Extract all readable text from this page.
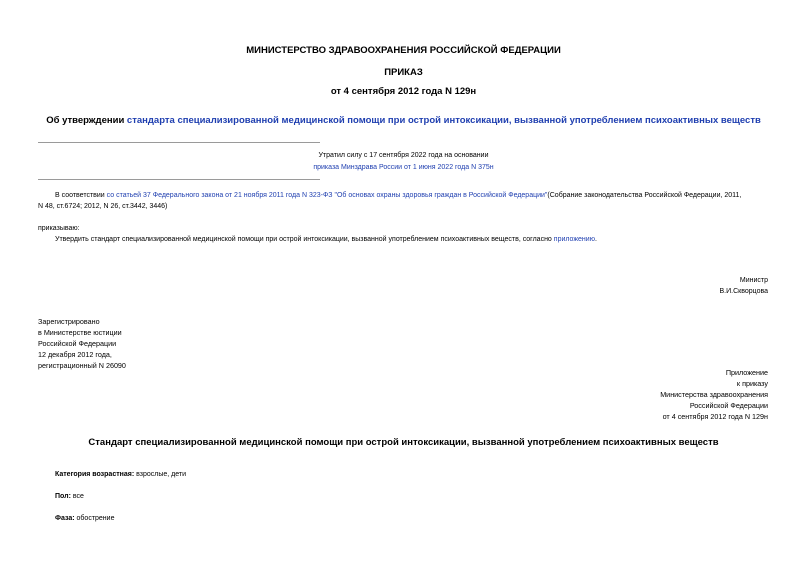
МИНИСТЕРСТВО ЗДРАВООХРАНЕНИЯ РОССИЙСКОЙ ФЕДЕРАЦИИ
ПРИКАЗ
от 4 сентября 2012 года N 129н
Об утверждении стандарта специализированной медицинской помощи при острой интоксикации, вызванной употреблением психоактивных веществ
Утратил силу с 17 сентября 2022 года на основании
приказа Минздрава России от 1 июня 2022 года N 375н
В соответствии со статьей 37 Федерального закона от 21 ноября 2011 года N 323-ФЗ "Об основах охраны здоровья граждан в Российской Федерации"(Собрание законодательства Российской Федерации, 2011,
N 48, ст.6724; 2012, N 26, ст.3442, 3446)
приказываю:
Утвердить стандарт специализированной медицинской помощи при острой интоксикации, вызванной употреблением психоактивных веществ, согласно приложению.
Министр
В.И.Скворцова
Зарегистрировано
в Министерстве юстиции
Российской Федерации
12 декабря 2012 года,
регистрационный N 26090
Приложение
к приказу
Министерства здравоохранения
Российской Федерации
от 4 сентября 2012 года N 129н
Стандарт специализированной медицинской помощи при острой интоксикации, вызванной употреблением психоактивных веществ
Категория возрастная: взрослые, дети
Пол: все
Фаза: обострение
